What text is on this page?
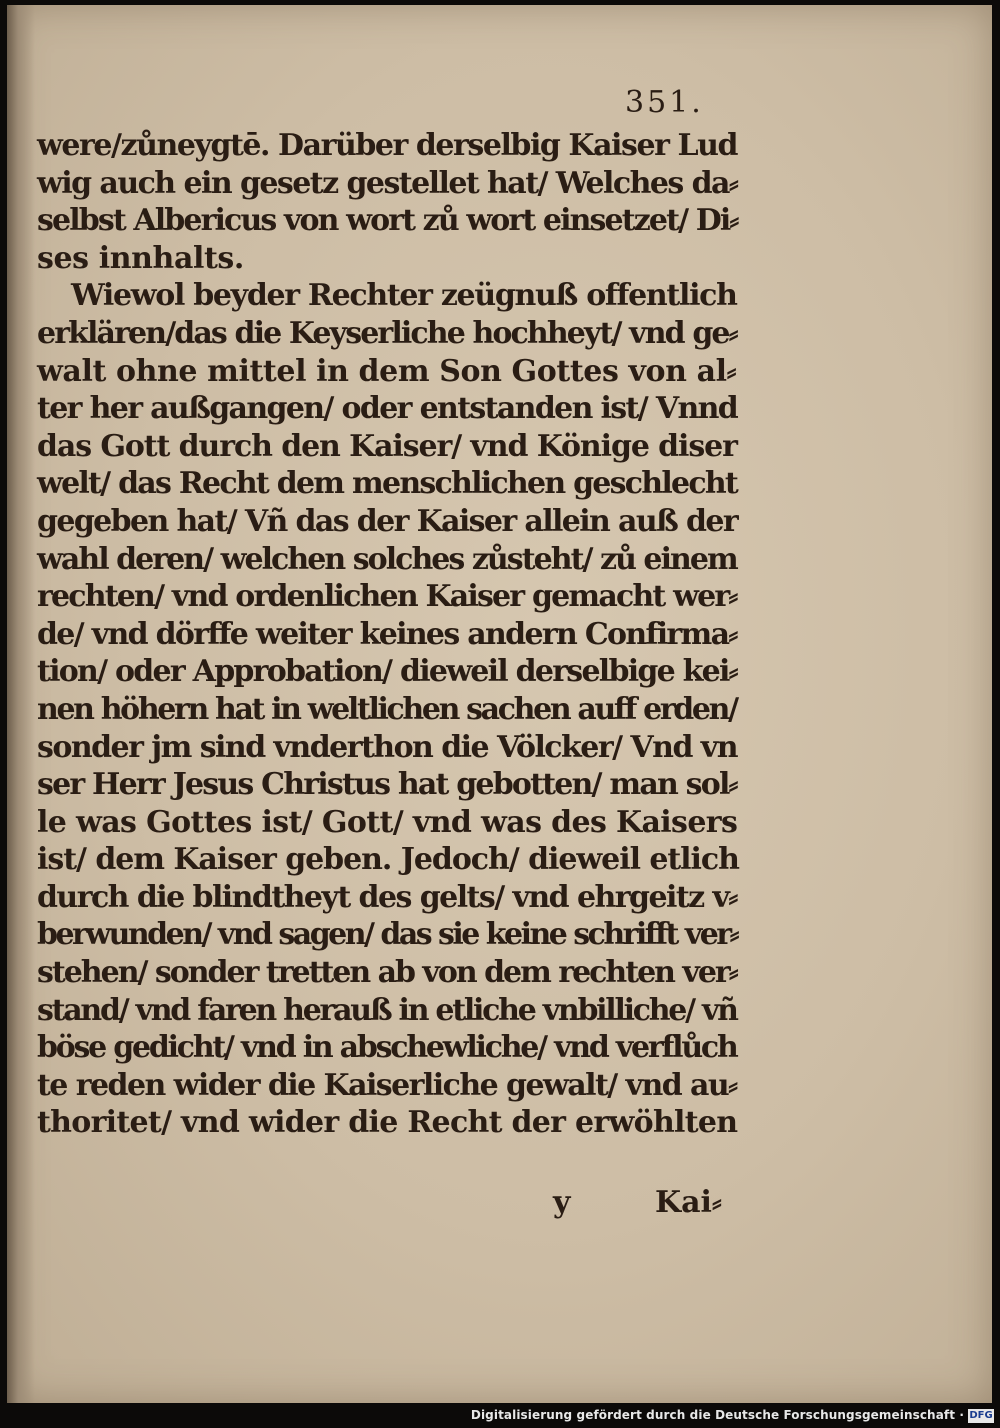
351.
were/zůneygtē. Darüber derselbig Kaiser Lud
wig auch ein gesetz gestellet hat/ Welches da⸗
selbst Albericus von wort zů wort einsetzet/ Di⸗
ses innhalts.
Wiewol beyder Rechter zeügnuß offentlich
erklären/das die Keyserliche hochheyt/ vnd ge⸗
walt ohne mittel in dem Son Gottes von al⸗
ter her außgangen/ oder entstanden ist/ Vnnd
das Gott durch den Kaiser/ vnd Könige diser
welt/ das Recht dem menschlichen geschlecht
gegeben hat/ Vñ das der Kaiser allein auß der
wahl deren/ welchen solches zůsteht/ zů einem
rechten/ vnd ordenlichen Kaiser gemacht wer⸗
de/ vnd dörffe weiter keines andern Confirma⸗
tion/ oder Approbation/ dieweil derselbige kei⸗
nen höhern hat in weltlichen sachen auff erden/
sonder jm sind vnderthon die Völcker/ Vnd vn
ser Herr Jesus Christus hat gebotten/ man sol⸗
le was Gottes ist/ Gott/ vnd was des Kaisers
ist/ dem Kaiser geben. Jedoch/ dieweil etlich
durch die blindtheyt des gelts/ vnd ehrgeitz v⸗
berwunden/ vnd sagen/ das sie keine schrifft ver⸗
stehen/ sonder tretten ab von dem rechten ver⸗
stand/ vnd faren herauß in etliche vnbilliche/ vñ
böse gedicht/ vnd in abschewliche/ vnd verflůch
te reden wider die Kaiserliche gewalt/ vnd au⸗
thoritet/ vnd wider die Recht der erwöhlten
y	Kai⸗
Digitalisierung gefördert durch die Deutsche Forschungsgemeinschaft · DFG
